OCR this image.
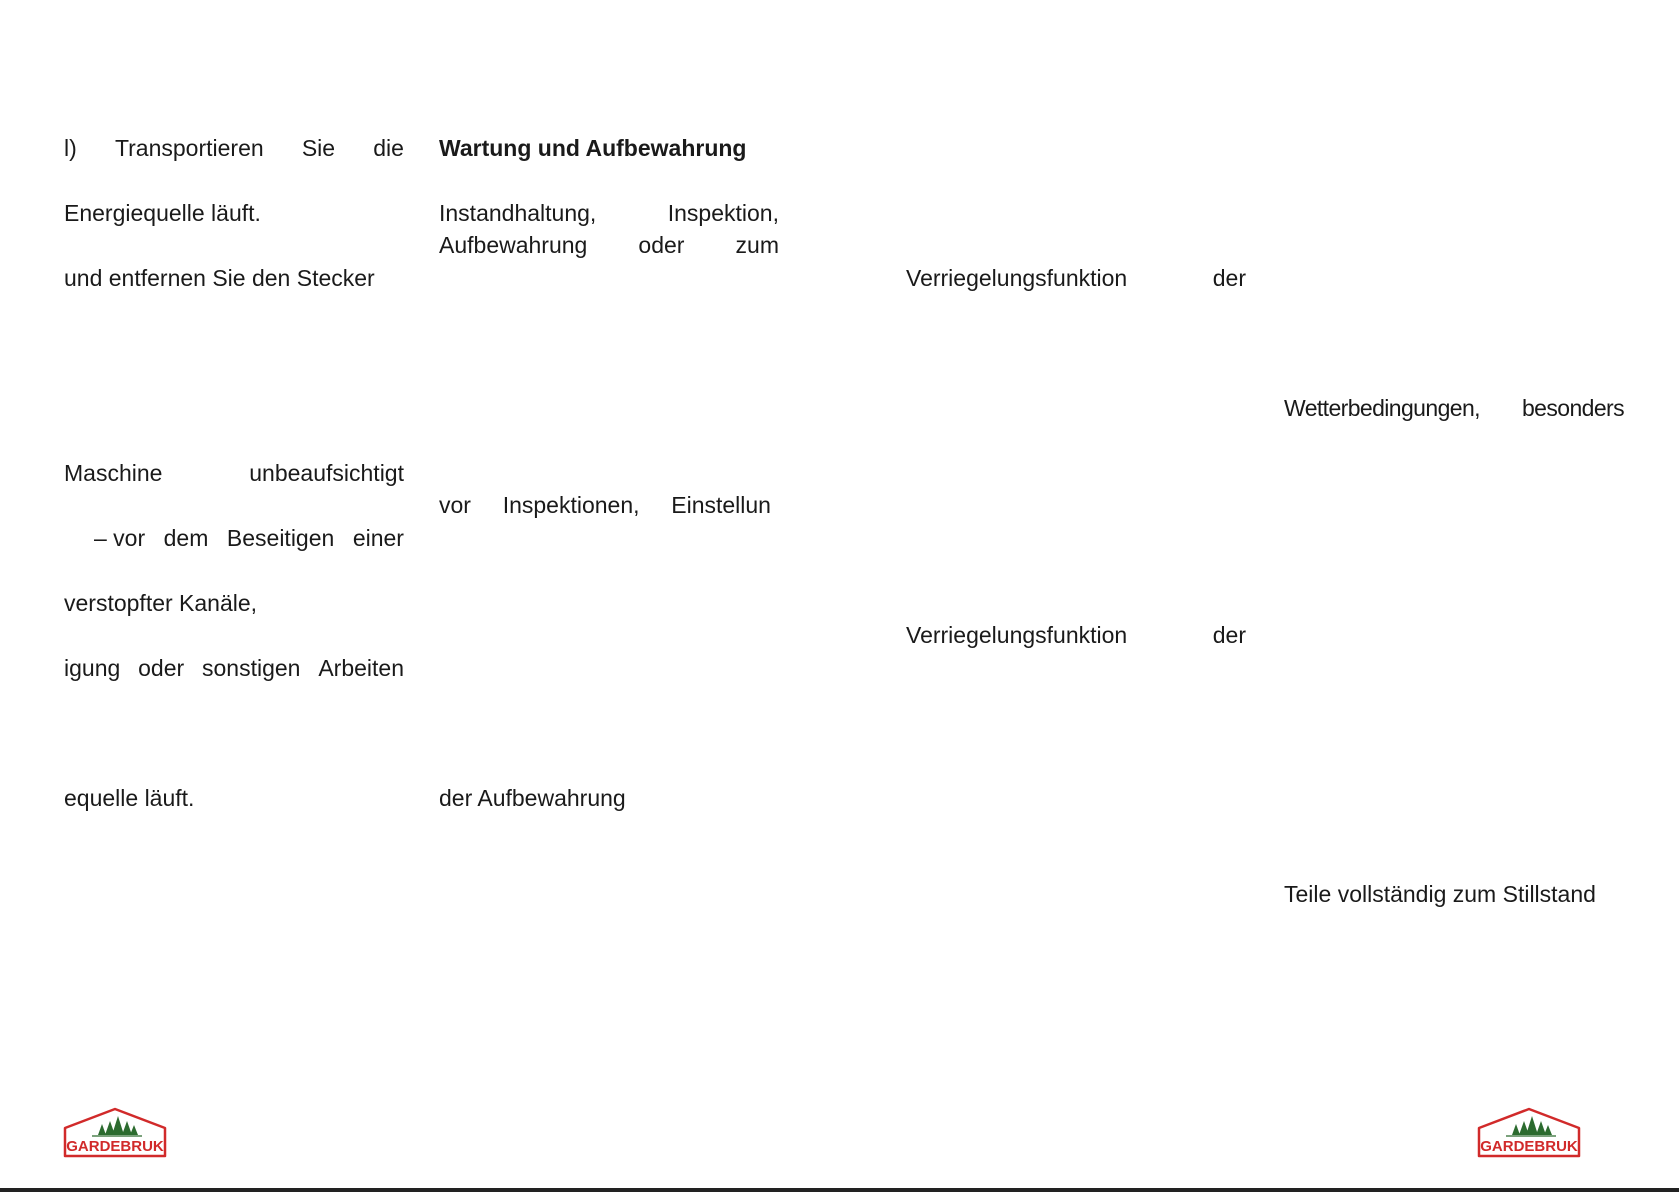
l) Transportieren Sie die
Energiequelle läuft.
und entfernen Sie den Stecker
Maschine	unbeaufsichtigt
– vor dem Beseitigen einer
verstopfter Kanäle,
igung oder sonstigen Arbeiten
equelle läuft.
Wartung und Aufbewahrung
Instandhaltung,	Inspektion,
Aufbewahrung oder zum
vor Inspektionen, Einstellun
der Aufbewahrung
Verriegelungsfunktion	der
Verriegelungsfunktion	der
Wetterbedingungen, besonders
Teile vollständig zum Stillstand
GARDEBRUK	GARDEBRUK
